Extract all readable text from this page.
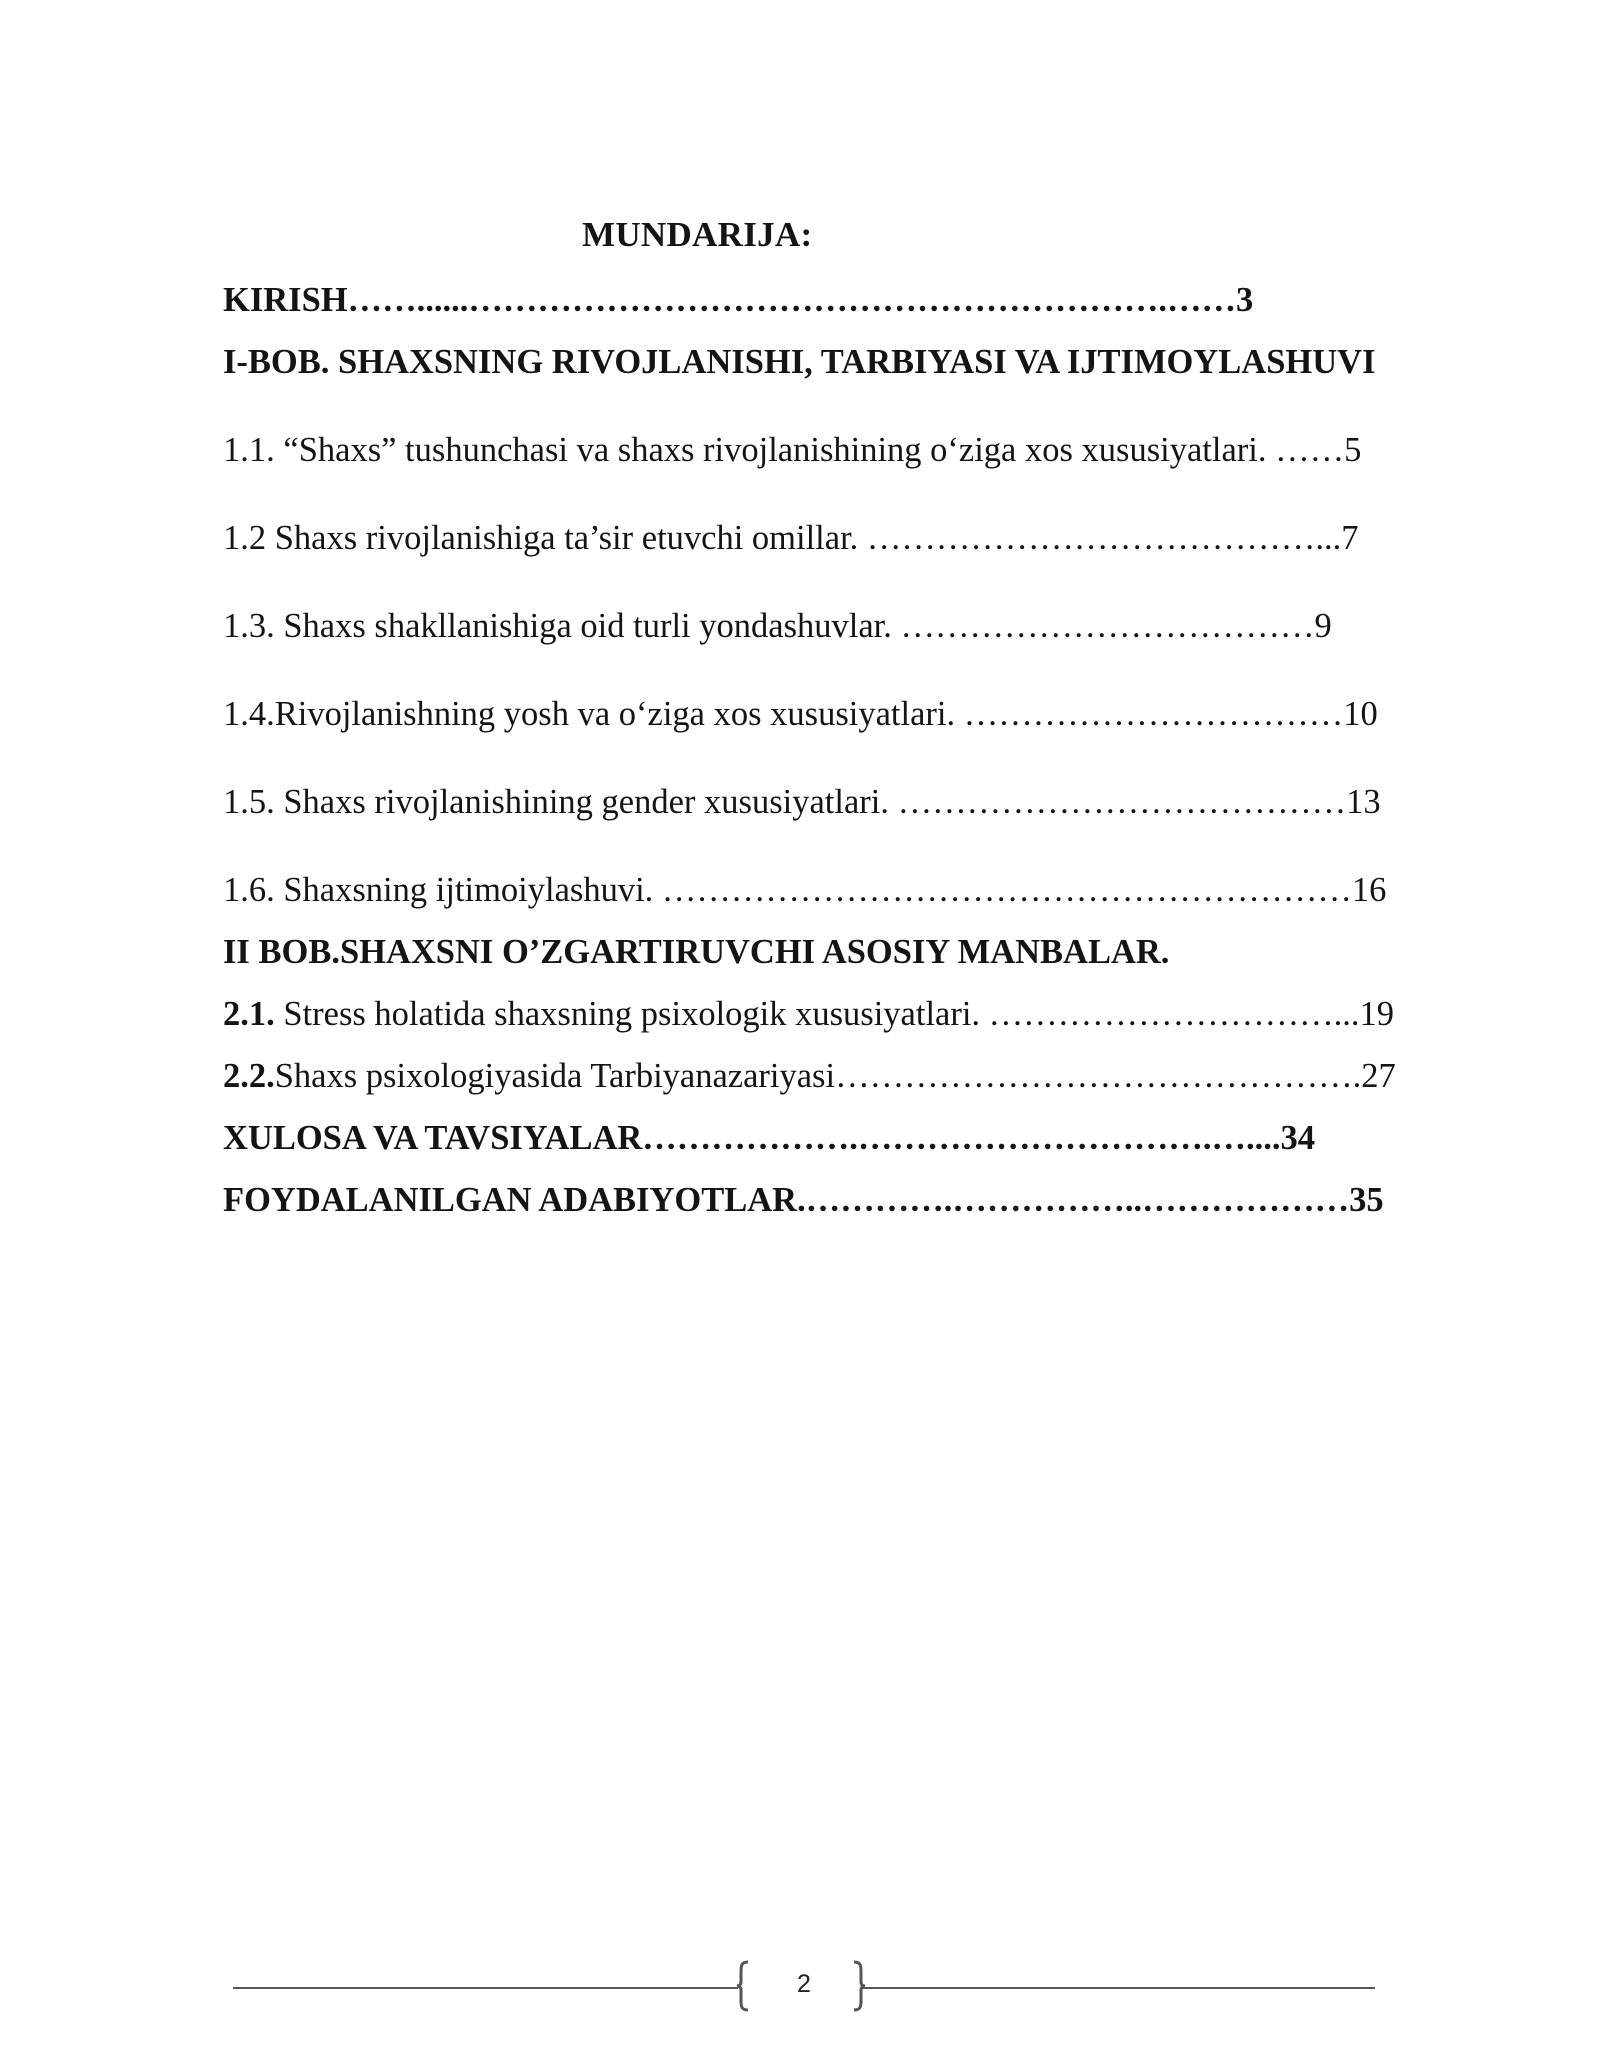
MUNDARIJA:
KIRISH……......…………………………………………………….……3
I-BOB. SHAXSNING RIVOJLANISHI, TARBIYASI VA IJTIMOYLASHUVI
1.1. “Shaxs” tushunchasi va shaxs rivojlanishining o‘ziga xos xususiyatlari. ……5
1.2 Shaxs rivojlanishiga ta’sir etuvchi omillar. …………………………………...7
1.3. Shaxs shakllanishiga oid turli yondashuvlar. ………………………………9
1.4.Rivojlanishning yosh va o‘ziga xos xususiyatlari. ……………………………10
1.5. Shaxs rivojlanishining gender xususiyatlari. …………………………………13
1.6. Shaxsning ijtimoiylashuvi. ……………………………………………………16
II BOB.SHAXSNI O’ZGARTIRUVCHI ASOSIY MANBALAR.
2.1. Stress holatida shaxsning psixologik xususiyatlari. …………………………...19
2.2.Shaxs psixologiyasida Tarbiyanazariyasi……………………………………….27
XULOSA VA TAVSIYALAR……………….………………………….…....34
FOYDALANILGAN ADABIYOTLAR.………….……………..………………35
2
